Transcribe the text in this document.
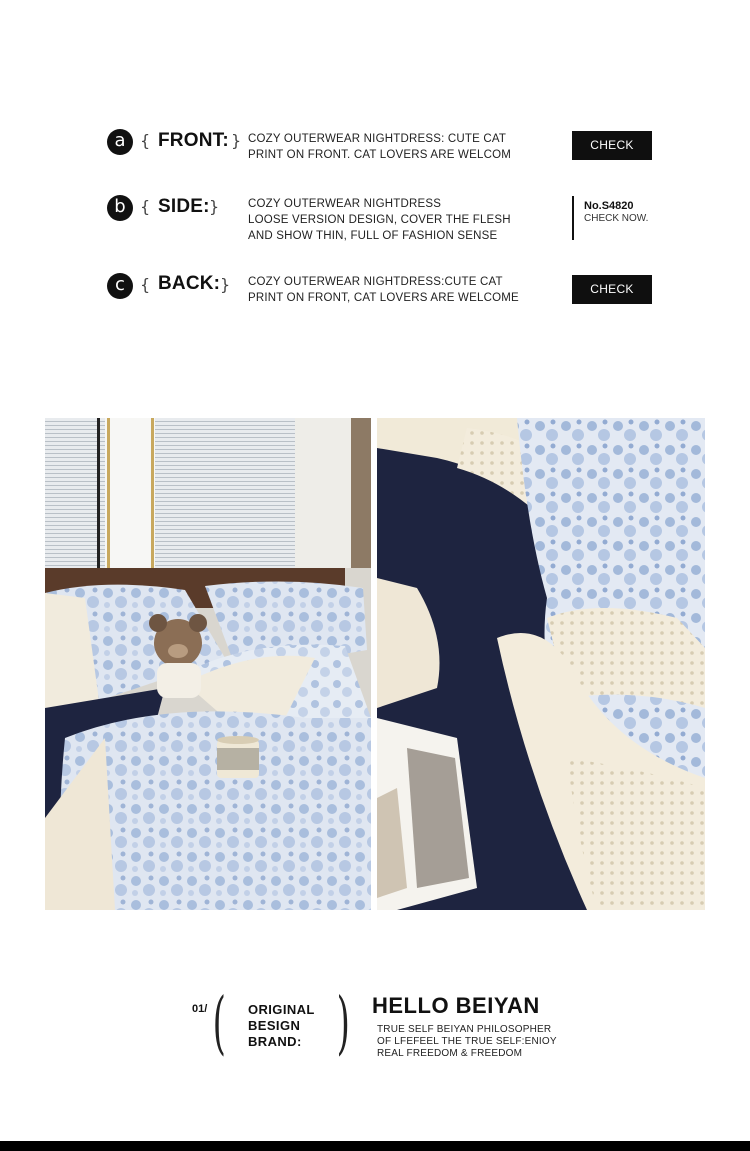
a { FRONT: } COZY OUTERWEAR NIGHTDRESS: CUTE CAT
PRINT ON FRONT. CAT LOVERS ARE WELCOM
CHECK
b { SIDE: }	COZY OUTERWEAR NIGHTDRESS
LOOSE VERSION DESIGN, COVER THE FLESH
AND SHOW THIN, FULL OF FASHION SENSE
No.S4820
CHECK NOW.
c { BACK: } COZY OUTERWEAR NIGHTDRESS:CUTE CAT
PRINT ON FRONT, CAT LOVERS ARE WELCOME
CHECK
01/ ( ORIGINAL
BESIGN
BRAND: ) HELLO BEIYAN
TRUE SELF BEIYAN PHILOSOPHER
OF LFEFEEL THE TRUE SELF:ENIOY
REAL FREEDOM & FREEDOM
